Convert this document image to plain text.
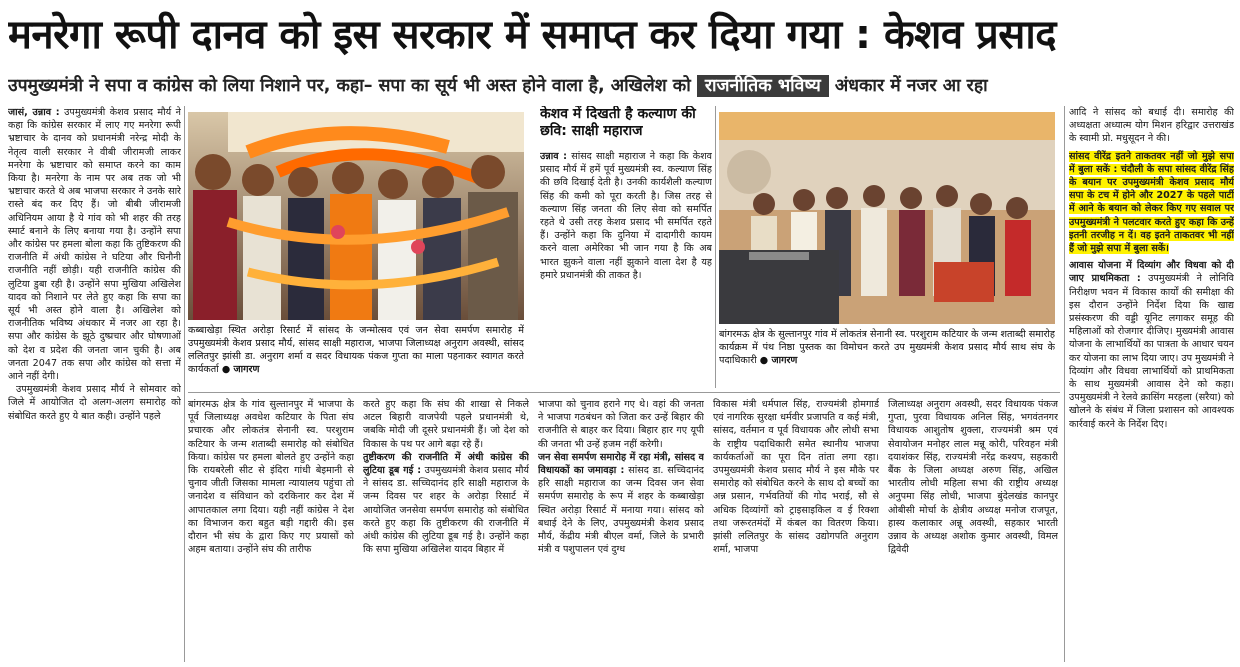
मनरेगा रूपी दानव को इस सरकार में समाप्त कर दिया गया : केशव प्रसाद
उपमुख्यमंत्री ने सपा व कांग्रेस को लिया निशाने पर, कहा– सपा का सूर्य भी अस्त होने वाला है, अखिलेश को राजनीतिक भविष्य अंधकार में नजर आ रहा

जासं, उन्नाव : उपमुख्यमंत्री केशव प्रसाद मौर्य ने कहा कि कांग्रेस सरकार में लाए गए मनरेगा रूपी भ्रष्टाचार के दानव को प्रधानमंत्री नरेन्द्र मोदी के नेतृत्व वाली सरकार ने वीबी जीरामजी लाकर मनरेगा के भ्रष्टाचार को समाप्त करने का काम किया है। मनरेगा के नाम पर अब तक जो भी भ्रष्टाचार करते थे अब भाजपा सरकार ने उनके सारे रास्ते बंद कर दिए हैं। जो बीबी जीरामजी अधिनियम आया है ये गांव को भी शहर की तरह स्मार्ट बनाने के लिए बनाया गया है। उन्होंने सपा और कांग्रेस पर हमला बोला कहा कि तुष्टिकरण की राजनीति में अंधी कांग्रेस ने घटिया और घिनौनी राजनीति नहीं छोड़ी। यही राजनीति कांग्रेस की लुटिया डुबा रही है। उन्होंने सपा मुखिया अखिलेश यादव को निशाने पर लेते हुए कहा कि सपा का सूर्य भी अस्त होने वाला है। अखिलेश को राजनीतिक भविष्य अंधकार में नजर आ रहा है। सपा और कांग्रेस के झूठे दुष्प्रचार और घोषणाओं को देश व प्रदेश की जनता जान चुकी है। अब जनता 2047 तक सपा और कांग्रेस को सत्ता में आने नहीं देगी।

उपमुख्यमंत्री केशव प्रसाद मौर्य ने सोमवार को जिले में आयोजित दो अलग-अलग समारोह को संबोधित करते हुए ये बात कही। उन्होंने पहले

कब्बाखेड़ा स्थित अरोड़ा रिसार्ट में सांसद के जन्मोत्सव एवं जन सेवा समर्पण समारोह में उपमुख्यमंत्री केशव प्रसाद मौर्य, सांसद साक्षी महाराज, भाजपा जिलाध्यक्ष अनुराग अवस्थी, सांसद ललितपुर झांसी डा. अनुराग शर्मा व सदर विधायक पंकज गुप्ता का माला पहनाकर स्वागत करते कार्यकर्ता ● जागरण
केशव में दिखती है कल्याण की छवि: साक्षी महाराज

उन्नाव : सांसद साक्षी महाराज ने कहा कि केशव प्रसाद मौर्य में हमें पूर्व मुख्यमंत्री स्व. कल्याण सिंह की छवि दिखाई देती है। उनकी कार्यशैली कल्याण सिंह की कमी को पूरा करती है। जिस तरह से कल्याण सिंह जनता की लिए सेवा को समर्पित रहते थे उसी तरह केशव प्रसाद भी समर्पित रहते हैं। उन्होंने कहा कि दुनिया में दादागीरी कायम करने वाला अमेरिका भी जान गया है कि अब भारत झुकने वाला नहीं झुकाने वाला देश है यह हमारे प्रधानमंत्री की ताकत है।

बांगरमऊ क्षेत्र के सुल्तानपुर गांव में लोकतंत्र सेनानी स्व. परशुराम कटियार के जन्म शताब्दी समारोह कार्यक्रम में पंथ निष्ठा पुस्तक का विमोचन करते उप मुख्यमंत्री केशव प्रसाद मौर्य साथ संघ के पदाधिकारी ● जागरण

आदि ने सांसद को बधाई दी। समारोह की अध्यक्षता अध्यात्म योग मिशन हरिद्वार उत्तराखंड के स्वामी प्रो. मधुसूदन ने की।

सांसद वीरेंद्र इतने ताकतवर नहीं जो मुझे सपा में बुला सकें : चंदौली के सपा सांसद वीरेंद्र सिंह के बयान पर उपमुख्यमंत्री केशव प्रसाद मौर्य सपा के टच में होने और 2027 के पहले पार्टी में आने के बयान को लेकर किए गए सवाल पर उपमुख्यमंत्री ने पलटवार करते हुए कहा कि उन्हें इतनी तरजीह न दें। वह इतने ताकतवर भी नहीं हैं जो मुझे सपा में बुला सकें।

आवास योजना में दिव्यांग और विधवा को दी जाए प्राथमिकता : उपमुख्यमंत्री ने लोनिवि निरीक्षण भवन में विकास कार्यों की समीक्षा की इस दौरान उन्होंने निर्देश दिया कि खाद्य प्रसंस्करण की वड्डी यूनिट लगाकर समूह की महिलाओं को रोजगार दीजिए। मुख्यमंत्री आवास योजना के लाभार्थियों का पात्रता के आधार चयन कर योजना का लाभ दिया जाए। उप मुख्यमंत्री ने दिव्यांग और विधवा लाभार्थियों को प्राथमिकता के साथ मुख्यमंत्री आवास देने को कहा। उपमुख्यमंत्री ने रेलवे क्रासिंग मरहला (सरैया) को खोलने के संबंध में जिला प्रशासन को आवश्यक कार्रवाई करने के निर्देश दिए।

बांगरमऊ क्षेत्र के गांव सुल्तानपुर में भाजपा के पूर्व जिलाध्यक्ष अवधेश कटियार के पिता संघ प्रचारक और लोकतंत्र सेनानी स्व. परशुराम कटियार के जन्म शताब्दी समारोह को संबोधित किया। कांग्रेस पर हमला बोलते हुए उन्होंने कहा कि रायबरेली सीट से इंदिरा गांधी बेइमानी से चुनाव जीती जिसका मामला न्यायालय पहुंचा तो जनादेश व संविधान को दरकिनार कर देश में आपातकाल लगा दिया। यही नहीं कांग्रेस ने देश का विभाजन करा बहुत बड़ी गद्दारी की। इस दौरान भी संघ के द्वारा किए गए प्रयासों को अहम बताया। उन्होंने संघ की तारीफ

करते हुए कहा कि संघ की शाखा से निकले अटल बिहारी वाजपेयी पहले प्रधानमंत्री थे, जबकि मोदी जी दूसरे प्रधानमंत्री हैं। जो देश को विकास के पथ पर आगे बढ़ा रहे हैं।

तुष्टीकरण की राजनीति में अंधी कांग्रेस की लुटिया डूब गई : उपमुख्यमंत्री केशव प्रसाद मौर्य ने सांसद डा. सच्चिदानंद हरि साक्षी महाराज के जन्म दिवस पर शहर के अरोड़ा रिसार्ट में आयोजित जनसेवा समर्पण समारोह को संबोधित करते हुए कहा कि तुष्टीकरण की राजनीति में अंधी कांग्रेस की लुटिया डूब गई है। उन्होंने कहा कि सपा मुखिया अखिलेश यादव बिहार में

भाजपा को चुनाव हराने गए थे। वहां की जनता ने भाजपा गठबंधन को जिता कर उन्हें बिहार की राजनीति से बाहर कर दिया। बिहार हार गए यूपी की जनता भी उन्हें हजम नहीं करेगी।

जन सेवा समर्पण समारोह में रहा मंत्री, सांसद व विधायकों का जमावड़ा : सांसद डा. सच्चिदानंद हरि साक्षी महाराज का जन्म दिवस जन सेवा समर्पण समारोह के रूप में शहर के कब्बाखेड़ा स्थित अरोड़ा रिसार्ट में मनाया गया। सांसद को बधाई देने के लिए, उपमुख्यमंत्री केशव प्रसाद मौर्य, केंद्रीय मंत्री बीएल वर्मा, जिले के प्रभारी मंत्री व पशुपालन एवं दुग्ध

विकास मंत्री धर्मपाल सिंह, राज्यमंत्री होमगार्ड एवं नागरिक सुरक्षा धर्मवीर प्रजापति व कई मंत्री, सांसद, वर्तमान व पूर्व विधायक और लोधी सभा के राष्ट्रीय पदाधिकारी समेत स्थानीय भाजपा कार्यकर्ताओं का पूरा दिन तांता लगा रहा। उपमुख्यमंत्री केशव प्रसाद मौर्य ने इस मौके पर समारोह को संबोधित करने के साथ दो बच्चों का अन्न प्रसान, गर्भवतियों की गोद भराई, सौ से अधिक दिव्यांगों को ट्राइसाइकिल व ई रिक्शा तथा जरूरतमंदों में कंबल का वितरण किया। झांसी ललितपुर के सांसद उद्योगपति अनुराग शर्मा, भाजपा

जिलाध्यक्ष अनुराग अवस्थी, सदर विधायक पंकज गुप्ता, पुरवा विधायक अनिल सिंह, भगवंतनगर विधायक आशुतोष शुक्ला, राज्यमंत्री श्रम एवं सेवायोजन मनोहर लाल मन्नू कोरी, परिवहन मंत्री दयाशंकर सिंह, राज्यमंत्री नरेंद्र कश्यप, सहकारी बैंक के जिला अध्यक्ष अरुण सिंह, अखिल भारतीय लोधी महिला सभा की राष्ट्रीय अध्यक्ष अनुपमा सिंह लोधी, भाजपा बुंदेलखंड कानपुर ओबीसी मोर्चा के क्षेत्रीय अध्यक्ष मनोज राजपूत, हास्य कलाकार अन्नू अवस्थी, सहकार भारती उन्नाव के अध्यक्ष अशोक कुमार अवस्थी, विमल द्विवेदी
